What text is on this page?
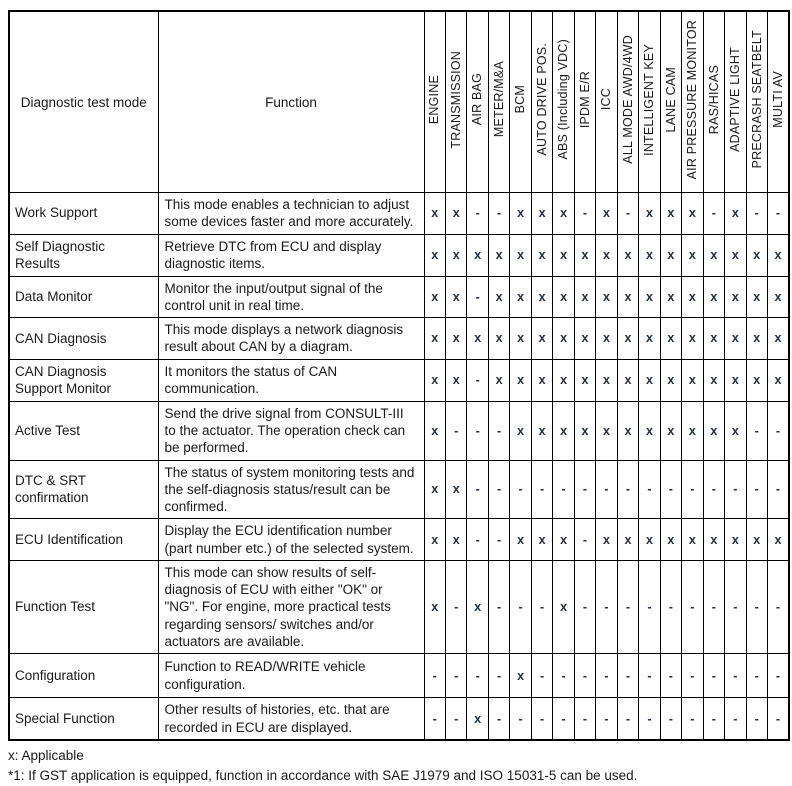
Diagnostic test mode	Function	ENGINE	TRANSMISSION	AIR BAG	METER/M&A	BCM	AUTO DRIVE POS.	ABS (Including VDC)	IPDM E/R	ICC	ALL MODE AWD/4WD	INTELLIGENT KEY	LANE CAM	AIR PRESSURE MONITOR	RAS/HICAS	ADAPTIVE LIGHT	PRECRASH SEATBELT	MULTI AV
Work Support	This mode enables a technician to adjust some devices faster and more accurately.	x	x	-	-	x	x	x	-	x	-	x	x	x	-	x	-	-
Self Diagnostic Results	Retrieve DTC from ECU and display diagnostic items.	x	x	x	x	x	x	x	x	x	x	x	x	x	x	x	x	x
Data Monitor	Monitor the input/output signal of the control unit in real time.	x	x	-	x	x	x	x	x	x	x	x	x	x	x	x	x	x
CAN Diagnosis	This mode displays a network diagnosis result about CAN by a diagram.	x	x	x	x	x	x	x	x	x	x	x	x	x	x	x	x	x
CAN Diagnosis Support Monitor	It monitors the status of CAN communication.	x	x	-	x	x	x	x	x	x	x	x	x	x	x	x	x	x
Active Test	Send the drive signal from CONSULT-III to the actuator. The operation check can be performed.	x	-	-	-	x	x	x	x	x	x	x	x	x	x	x	-	-
DTC & SRT confirmation	The status of system monitoring tests and the self-diagnosis status/result can be confirmed.	x	x	-	-	-	-	-	-	-	-	-	-	-	-	-	-	-
ECU Identification	Display the ECU identification number (part number etc.) of the selected system.	x	x	-	-	x	x	x	-	x	x	x	x	x	x	x	x	x
Function Test	This mode can show results of self-diagnosis of ECU with either "OK" or "NG". For engine, more practical tests regarding sensors/ switches and/or actuators are available.	x	-	x	-	-	-	x	-	-	-	-	-	-	-	-	-	-
Configuration	Function to READ/WRITE vehicle configuration.	-	-	-	-	x	-	-	-	-	-	-	-	-	-	-	-	-
Special Function	Other results of histories, etc. that are recorded in ECU are displayed.	-	-	x	-	-	-	-	-	-	-	-	-	-	-	-	-	-
x: Applicable
*1: If GST application is equipped, function in accordance with SAE J1979 and ISO 15031-5 can be used.
